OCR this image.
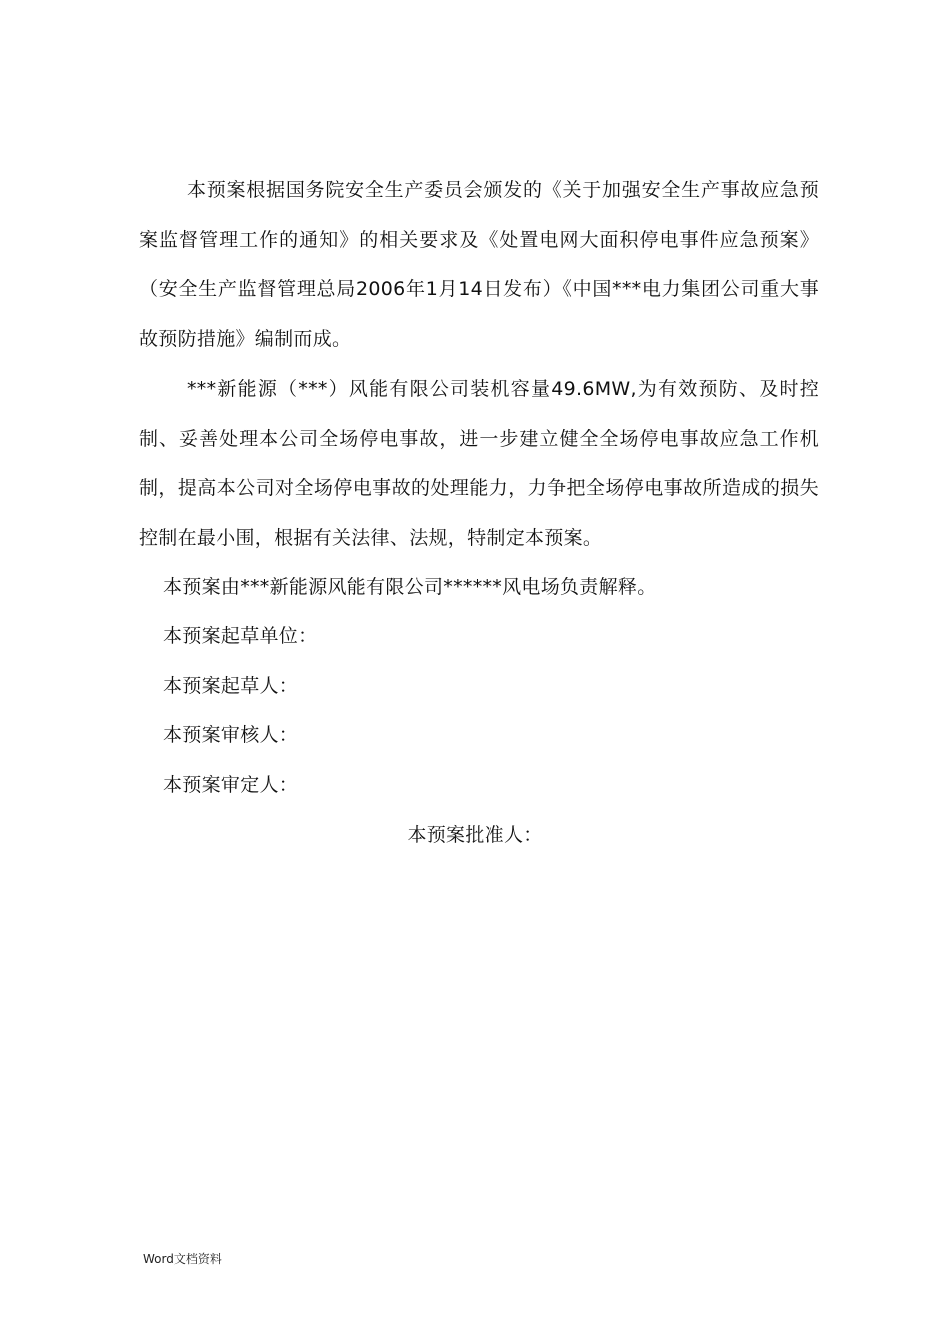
本预案根据国务院安全生产委员会颁发的《关于加强安全生产事故应急预案监督管理工作的通知》的相关要求及《处置电网大面积停电事件应急预案》（安全生产监督管理总局2006年1月14日发布）《中国***电力集团公司重大事故预防措施》编制而成。

***新能源（***）风能有限公司装机容量49.6MW,为有效预防、及时控制、妥善处理本公司全场停电事故，进一步建立健全全场停电事故应急工作机制，提高本公司对全场停电事故的处理能力，力争把全场停电事故所造成的损失控制在最小围，根据有关法律、法规，特制定本预案。

本预案由***新能源风能有限公司******风电场负责解释。
本预案起草单位：
本预案起草人：
本预案审核人：
本预案审定人：
本预案批准人：
Word文档资料
